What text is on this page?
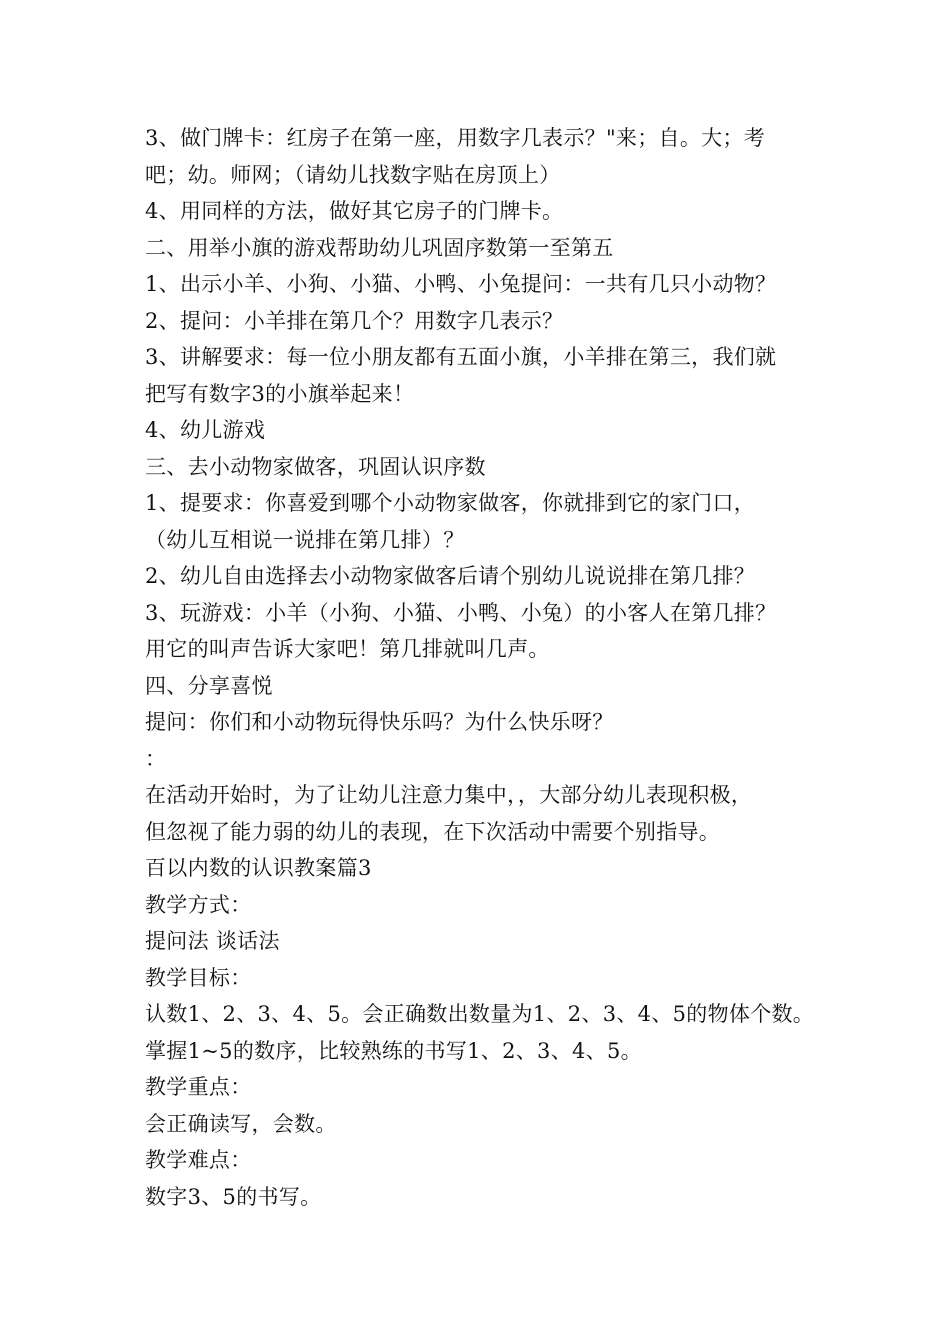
3、做门牌卡：红房子在第一座，用数字几表示？"来；自。大；考
吧；幼。师网；（请幼儿找数字贴在房顶上）
4、用同样的方法，做好其它房子的门牌卡。
二、用举小旗的游戏帮助幼儿巩固序数第一至第五
1、出示小羊、小狗、小猫、小鸭、小兔提问：一共有几只小动物？
2、提问：小羊排在第几个？用数字几表示？
3、讲解要求：每一位小朋友都有五面小旗，小羊排在第三，我们就
把写有数字3的小旗举起来！
4、幼儿游戏
三、去小动物家做客，巩固认识序数
1、提要求：你喜爱到哪个小动物家做客，你就排到它的家门口，
（幼儿互相说一说排在第几排）？
2、幼儿自由选择去小动物家做客后请个别幼儿说说排在第几排？
3、玩游戏：小羊（小狗、小猫、小鸭、小兔）的小客人在第几排？
用它的叫声告诉大家吧！第几排就叫几声。
四、分享喜悦
提问：你们和小动物玩得快乐吗？为什么快乐呀？
：
在活动开始时，为了让幼儿注意力集中，，大部分幼儿表现积极，
但忽视了能力弱的幼儿的表现，在下次活动中需要个别指导。
百以内数的认识教案篇3
教学方式：
提问法 谈话法
教学目标：
认数1、2、3、4、5。会正确数出数量为1、2、3、4、5的物体个数。
掌握1~5的数序，比较熟练的书写1、2、3、4、5。
教学重点：
会正确读写，会数。
教学难点：
数字3、5的书写。
